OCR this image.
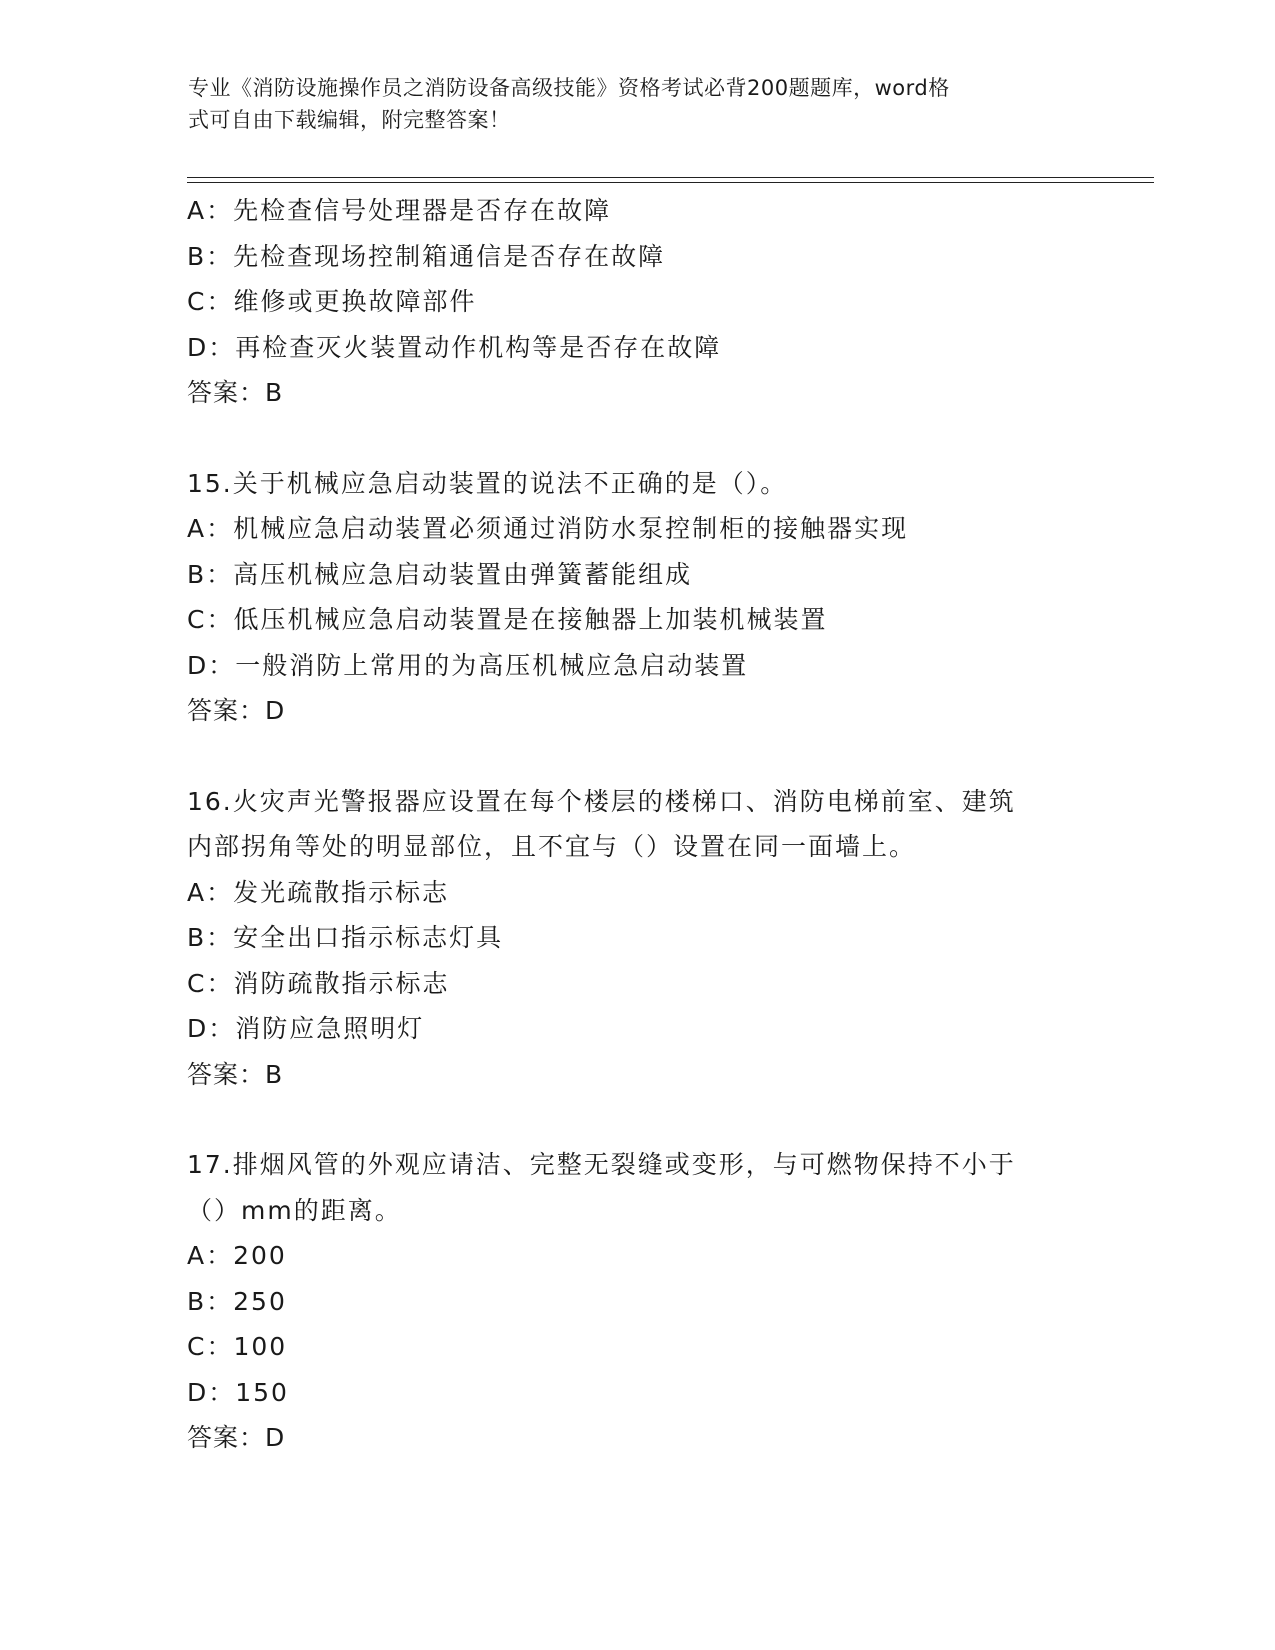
专业《消防设施操作员之消防设备高级技能》资格考试必背200题题库，word格
式可自由下载编辑，附完整答案！
A：先检查信号处理器是否存在故障
B：先检查现场控制箱通信是否存在故障
C：维修或更换故障部件
D：再检查灭火装置动作机构等是否存在故障
答案：B
15.关于机械应急启动装置的说法不正确的是（）。
A：机械应急启动装置必须通过消防水泵控制柜的接触器实现
B：高压机械应急启动装置由弹簧蓄能组成
C：低压机械应急启动装置是在接触器上加装机械装置
D：一般消防上常用的为高压机械应急启动装置
答案：D
16.火灾声光警报器应设置在每个楼层的楼梯口、消防电梯前室、建筑
内部拐角等处的明显部位，且不宜与（）设置在同一面墙上。
A：发光疏散指示标志
B：安全出口指示标志灯具
C：消防疏散指示标志
D：消防应急照明灯
答案：B
17.排烟风管的外观应请洁、完整无裂缝或变形，与可燃物保持不小于
（）mm的距离。
A：200
B：250
C：100
D：150
答案：D
